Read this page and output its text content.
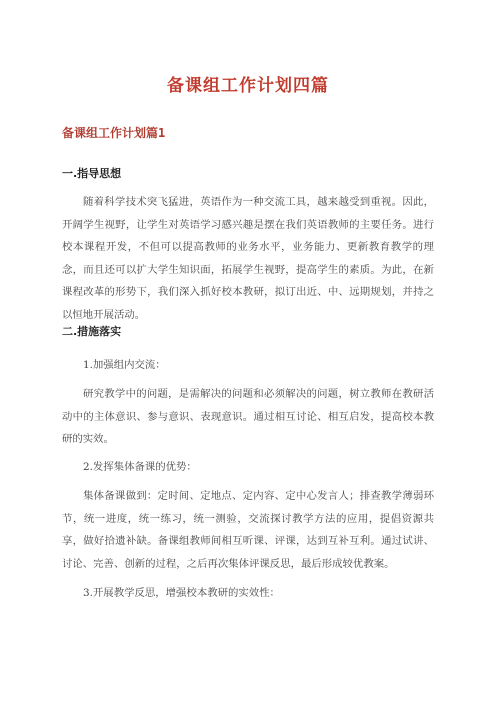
备课组工作计划四篇
备课组工作计划篇1
一.指导思想

随着科学技术突飞猛进，英语作为一种交流工具，越来越受到重视。因此，开阔学生视野，让学生对英语学习感兴趣是摆在我们英语教师的主要任务。进行校本课程开发，不但可以提高教师的业务水平，业务能力、更新教育教学的理念，而且还可以扩大学生知识面，拓展学生视野，提高学生的素质。为此，在新课程改革的形势下，我们深入抓好校本教研，拟订出近、中、远期规划，并持之以恒地开展活动。

二.措施落实
1.加强组内交流：

研究教学中的问题，是需解决的问题和必须解决的问题，树立教师在教研活动中的主体意识、参与意识、表现意识。通过相互讨论、相互启发，提高校本教研的实效。

2.发挥集体备课的优势：

集体备课做到：定时间、定地点、定内容、定中心发言人；排查教学薄弱环节，统一进度，统一练习，统一测验，交流探讨教学方法的应用，提倡资源共享，做好拾遗补缺。备课组教师间相互听课、评课，达到互补互利。通过试讲、讨论、完善、创新的过程，之后再次集体评课反思，最后形成较优教案。

3.开展教学反思，增强校本教研的实效性：
